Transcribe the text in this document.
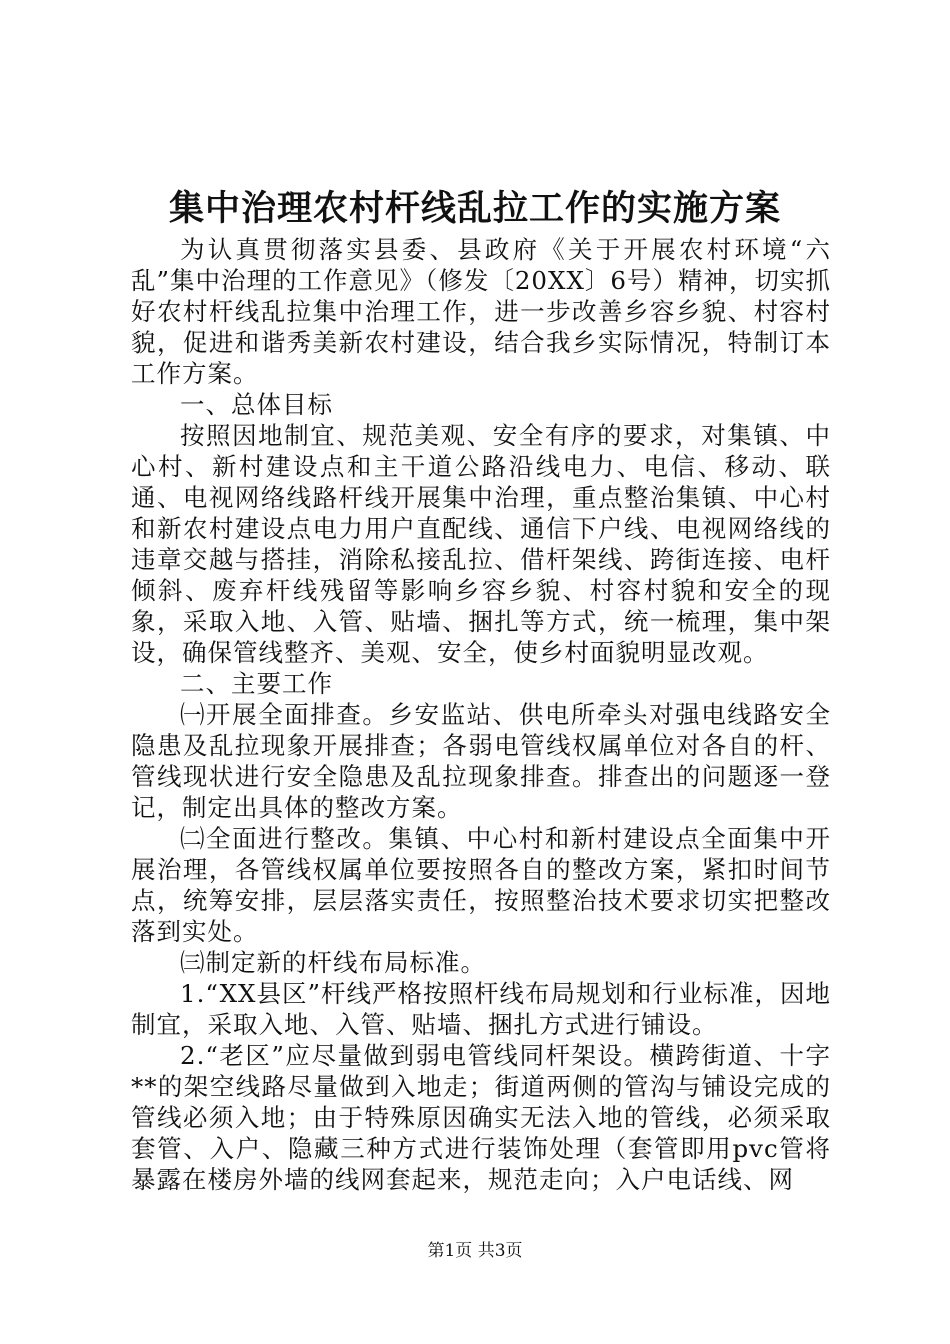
集中治理农村杆线乱拉工作的实施方案

为认真贯彻落实县委、县政府《关于开展农村环境“六乱”集中治理的工作意见》（修发〔20XX〕6号）精神，切实抓好农村杆线乱拉集中治理工作，进一步改善乡容乡貌、村容村貌，促进和谐秀美新农村建设，结合我乡实际情况，特制订本工作方案。

一、总体目标

按照因地制宜、规范美观、安全有序的要求，对集镇、中心村、新村建设点和主干道公路沿线电力、电信、移动、联通、电视网络线路杆线开展集中治理，重点整治集镇、中心村和新农村建设点电力用户直配线、通信下户线、电视网络线的违章交越与搭挂，消除私接乱拉、借杆架线、跨街连接、电杆倾斜、废弃杆线残留等影响乡容乡貌、村容村貌和安全的现象，采取入地、入管、贴墙、捆扎等方式，统一梳理，集中架设，确保管线整齐、美观、安全，使乡村面貌明显改观。

二、主要工作

㈠开展全面排查。乡安监站、供电所牵头对强电线路安全隐患及乱拉现象开展排查；各弱电管线权属单位对各自的杆、管线现状进行安全隐患及乱拉现象排查。排查出的问题逐一登记，制定出具体的整改方案。

㈡全面进行整改。集镇、中心村和新村建设点全面集中开展治理，各管线权属单位要按照各自的整改方案，紧扣时间节点，统筹安排，层层落实责任，按照整治技术要求切实把整改落到实处。

㈢制定新的杆线布局标准。

1.“XX县区”杆线严格按照杆线布局规划和行业标准，因地制宜，采取入地、入管、贴墙、捆扎方式进行铺设。

2.“老区”应尽量做到弱电管线同杆架设。横跨街道、十字**的架空线路尽量做到入地走；街道两侧的管沟与铺设完成的管线必须入地；由于特殊原因确实无法入地的管线，必须采取套管、入户、隐藏三种方式进行装饰处理（套管即用pvc管将暴露在楼房外墙的线网套起来，规范走向；入户电话线、网

第1页 共3页
